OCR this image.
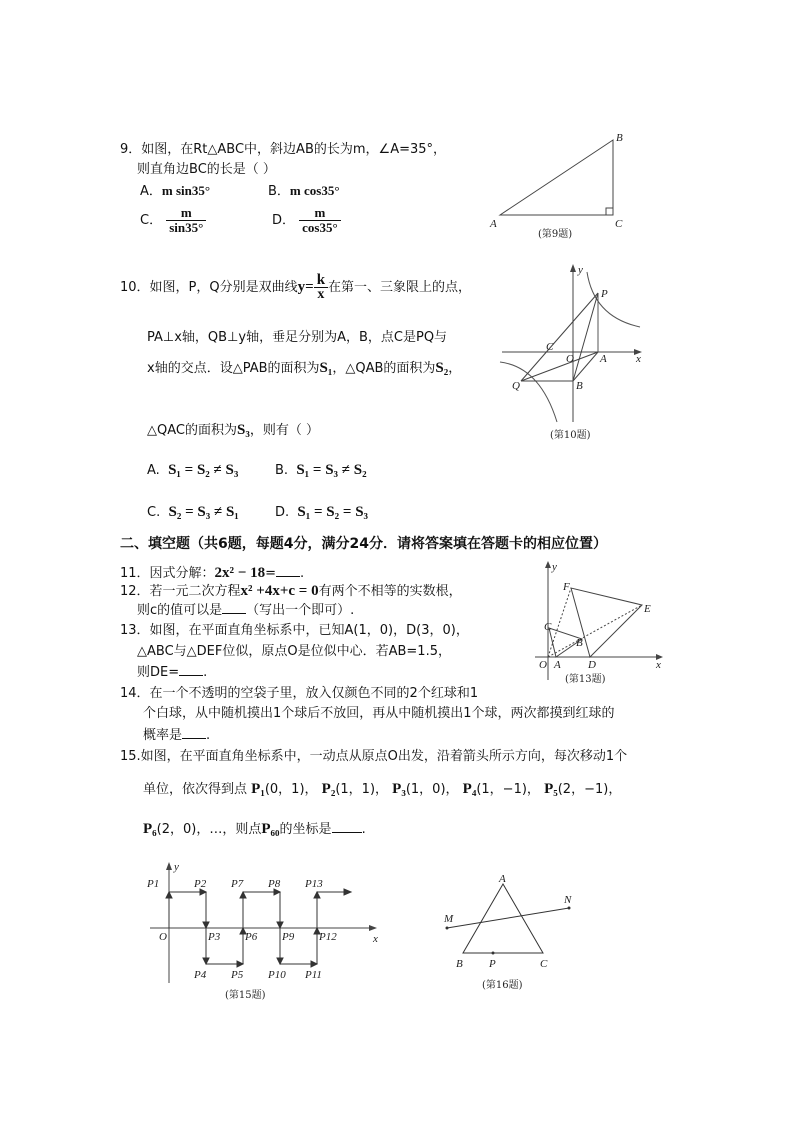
9．如图，在Rt△ABC中，斜边AB的长为m，∠A=35°，
则直角边BC的长是（ ）
A．m sin35°	B．m cos35°
C． $\frac{m}{\sin 35^\circ}$	D． $\frac{m}{\cos 35^\circ}$	A
B
C
(第9题)
10．如图，P，Q分别是双曲线$y= \frac{k}{x}$ 在第一、三象限上的点，
PA⊥x轴，QB⊥y轴，垂足分别为A，B，点C是PQ与
x轴的交点．设△PAB的面积为S₁，△QAB的面积为S₂，
△QAC的面积为S₃，则有（ ）
A. S₁ = S₂ ≠ S₃	B. S₁ = S₃ ≠ S₂
C. S₂ = S₃ ≠ S₁	D. S₁ = S₂ = S₃
y
P
C
O A	x
Q	B
(第10题)
二、填空题（共6题，每题4分，满分24分．请将答案填在答题卡的相应位置）
11．因式分解：2x² − 18= .
12．若一元二次方程x² +4x+c = 0有两个不相等的实数根，
则c的值可以是 （写出一个即可）.
13．如图，在平面直角坐标系中，已知A(1，0)，D(3，0)，
△ABC与△DEF位似，原点O是位似中心．若AB=1.5，
则DE= .
y
F
E
C
B
O A D	x
(第13题)
14．在一个不透明的空袋子里，放入仅颜色不同的2个红球和1
个白球，从中随机摸出1个球后不放回，再从中随机摸出1个球，两次都摸到红球的
概率是 .
15.如图，在平面直角坐标系中，一动点从原点O出发，沿着箭头所示方向，每次移动1个
单位，依次得到点 P₁(0，1)， P₂(1，1)， P₃(1，0)， P₄(1，−1)， P₅(2，−1)，
P₆(2，0)，…，则点P₆₀的坐标是 .
y
O	x
P1	P2
P3
P4 P5
P6
P7 P8
P9
P10 P11
P12
P13
(第15题)
A
B	C
P
M
N
(第16题)
